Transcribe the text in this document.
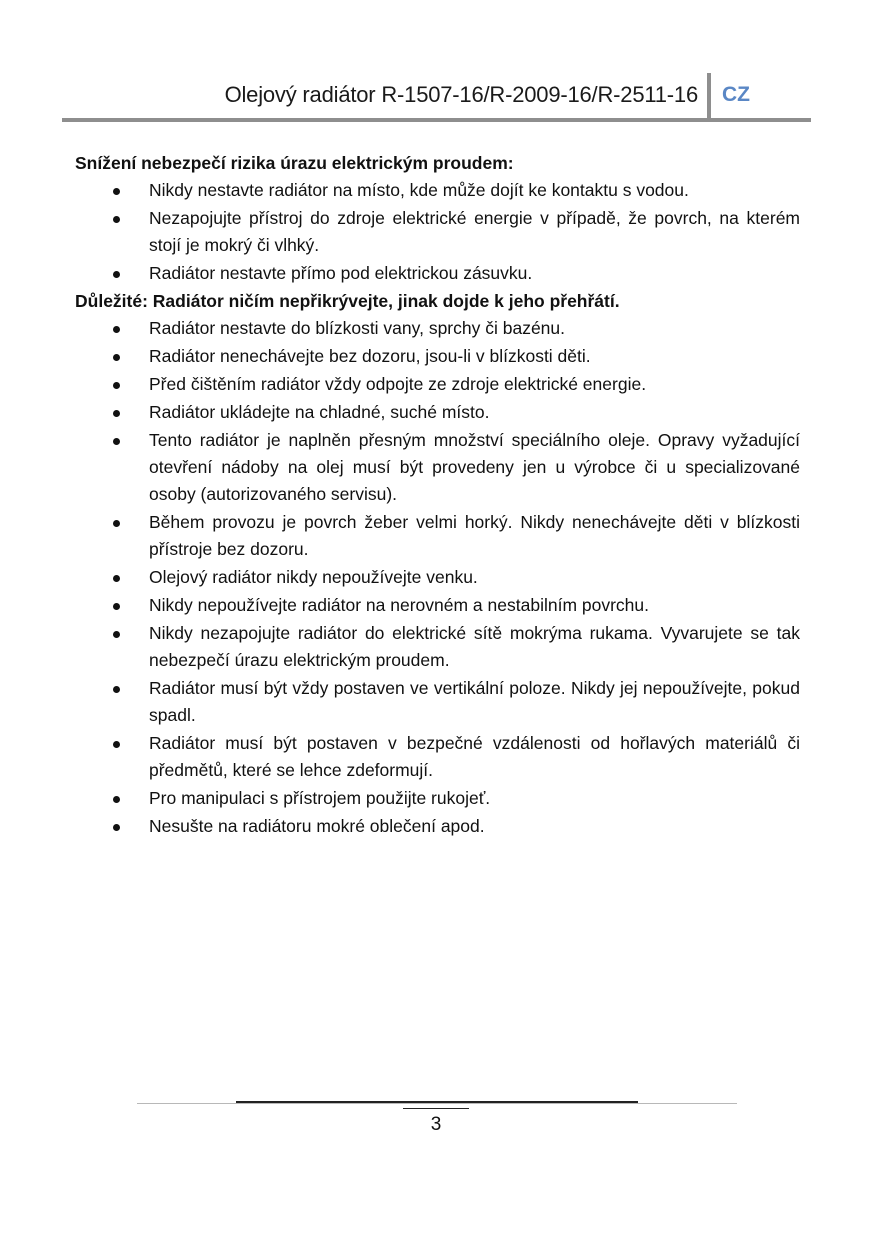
Olejový radiátor R-1507-16/R-2009-16/R-2511-16 CZ

Snížení nebezpečí rizika úrazu elektrickým proudem:

Nikdy nestavte radiátor na místo, kde může dojít ke kontaktu s vodou.
Nezapojujte přístroj do zdroje elektrické energie v případě, že povrch, na kterém stojí je mokrý či vlhký.
Radiátor nestavte přímo pod elektrickou zásuvku.

Důležité: Radiátor ničím nepřikrývejte, jinak dojde k jeho přehřátí.

Radiátor nestavte do blízkosti vany, sprchy či bazénu.
Radiátor nenechávejte bez dozoru, jsou-li v blízkosti děti.
Před čištěním radiátor vždy odpojte ze zdroje elektrické energie.
Radiátor ukládejte na chladné, suché místo.
Tento radiátor je naplněn přesným množství speciálního oleje. Opravy vyžadující otevření nádoby na olej musí být provedeny jen u výrobce či u specializované osoby (autorizovaného servisu).
Během provozu je povrch žeber velmi horký. Nikdy nenechávejte děti v blízkosti přístroje bez dozoru.
Olejový radiátor nikdy nepoužívejte venku.
Nikdy nepoužívejte radiátor na nerovném a nestabilním povrchu.
Nikdy nezapojujte radiátor do elektrické sítě mokrýma rukama. Vyvarujete se tak nebezpečí úrazu elektrickým proudem.
Radiátor musí být vždy postaven ve vertikální poloze. Nikdy jej nepoužívejte, pokud spadl.
Radiátor musí být postaven v bezpečné vzdálenosti od hořlavých materiálů či předmětů, které se lehce zdeformují.
Pro manipulaci s přístrojem použijte rukojeť.
Nesušte na radiátoru mokré oblečení apod.
3
